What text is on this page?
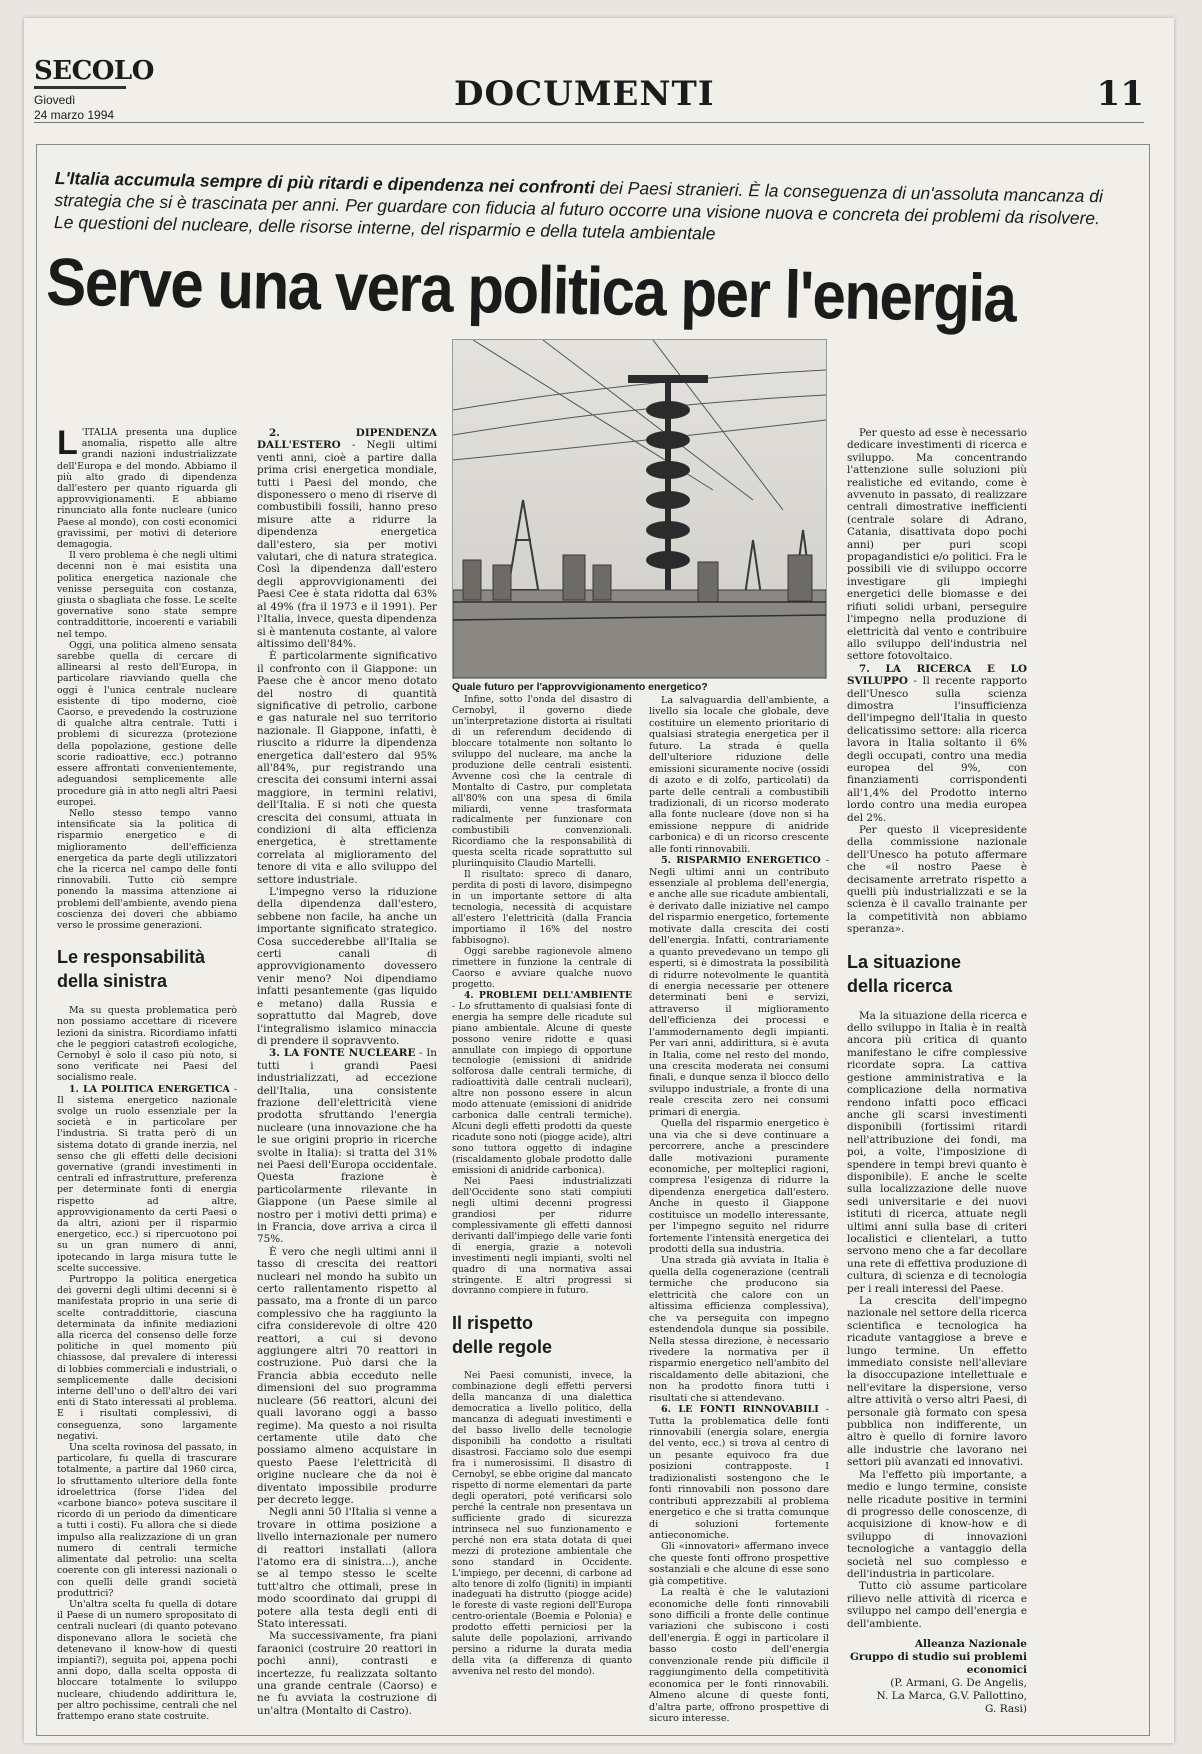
SECOLO
Giovedì
24 marzo 1994
DOCUMENTI	11
L'Italia accumula sempre di più ritardi e dipendenza nei confronti dei Paesi stranieri. È la conseguenza di un'assoluta mancanza di strategia che si è trascinata per anni. Per guardare con fiducia al futuro occorre una visione nuova e concreta dei problemi da risolvere. Le questioni del nucleare, delle risorse interne, del risparmio e della tutela ambientale
Serve una vera politica per l'energia
Quale futuro per l'approvvigionamento energetico?

L 'ITALIA presenta una duplice anomalia, rispetto alle altre grandi nazioni industrializzate dell'Europa e del mondo. Abbiamo il più alto grado di dipendenza dall'estero per quanto riguarda gli approvvigionamenti. E abbiamo rinunciato alla fonte nucleare (unico Paese al mondo), con costi economici gravissimi, per motivi di deteriore demagogia.

Il vero problema è che negli ultimi decenni non è mai esistita una politica energetica nazionale che venisse perseguita con costanza, giusta o sbagliata che fosse. Le scelte governative sono state sempre contraddittorie, incoerenti e variabili nel tempo.

Oggi, una politica almeno sensata sarebbe quella di cercare di allinearsi al resto dell'Europa, in particolare riavviando quella che oggi è l'unica centrale nucleare esistente di tipo moderno, cioè Caorso, e prevedendo la costruzione di qualche altra centrale. Tutti i problemi di sicurezza (protezione della popolazione, gestione delle scorie radioattive, ecc.) potranno essere affrontati convenientemente, adeguandosi semplicemente alle procedure già in atto negli altri Paesi europei.

Nello stesso tempo vanno intensificate sia la politica di risparmio energetico e di miglioramento dell'efficienza energetica da parte degli utilizzatori che la ricerca nel campo delle fonti rinnovabili. Tutto ciò sempre ponendo la massima attenzione ai problemi dell'ambiente, avendo piena coscienza dei doveri che abbiamo verso le prossime generazioni.

Le responsabilità
della sinistra

Ma su questa problematica però non possiamo accettare di ricevere lezioni da sinistra. Ricordiamo infatti che le peggiori catastrofi ecologiche, Cernobyl è solo il caso più noto, si sono verificate nei Paesi del socialismo reale.

1. LA POLITICA ENERGETICA - Il sistema energetico nazionale svolge un ruolo essenziale per la società e in particolare per l'industria. Si tratta però di un sistema dotato di grande inerzia, nel senso che gli effetti delle decisioni governative (grandi investimenti in centrali ed infrastrutture, preferenza per determinate fonti di energia rispetto ad altre, approvvigionamento da certi Paesi o da altri, azioni per il risparmio energetico, ecc.) si ripercuotono poi su un gran numero di anni, ipotecando in larga misura tutte le scelte successive.

Purtroppo la politica energetica dei governi degli ultimi decenni si è manifestata proprio in una serie di scelte contraddittorie, ciascuna determinata da infinite mediazioni alla ricerca del consenso delle forze politiche in quel momento più chiassose, dal prevalere di interessi di lobbies commerciali e industriali, o semplicemente dalle decisioni interne dell'uno o dell'altro dei vari enti di Stato interessati al problema. E i risultati complessivi, di conseguenza, sono largamente negativi.

Una scelta rovinosa del passato, in particolare, fu quella di trascurare totalmente, a partire dal 1960 circa, lo sfruttamento ulteriore della fonte idroelettrica (forse l'idea del «carbone bianco» poteva suscitare il ricordo di un periodo da dimenticare a tutti i costi). Fu allora che si diede impulso alla realizzazione di un gran numero di centrali termiche alimentate dal petrolio: una scelta coerente con gli interessi nazionali o con quelli delle grandi società produttrici?

Un'altra scelta fu quella di dotare il Paese di un numero spropositato di centrali nucleari (di quanto potevano disponevano allora le società che detenevano il know-how di questi impianti?), seguita poi, appena pochi anni dopo, dalla scelta opposta di bloccare totalmente lo sviluppo nucleare, chiudendo addirittura le, per altro pochissime, centrali che nel frattempo erano state costruite.

2. DIPENDENZA DALL'ESTERO - Negli ultimi venti anni, cioè a partire dalla prima crisi energetica mondiale, tutti i Paesi del mondo, che disponessero o meno di riserve di combustibili fossili, hanno preso misure atte a ridurre la dipendenza energetica dall'estero, sia per motivi valutari, che di natura strategica. Così la dipendenza dall'estero degli approvvigionamenti dei Paesi Cee è stata ridotta dal 63% al 49% (fra il 1973 e il 1991). Per l'Italia, invece, questa dipendenza si è mantenuta costante, al valore altissimo dell'84%.

È particolarmente significativo il confronto con il Giappone: un Paese che è ancor meno dotato del nostro di quantità significative di petrolio, carbone e gas naturale nel suo territorio nazionale. Il Giappone, infatti, è riuscito a ridurre la dipendenza energetica dall'estero dal 95% all'84%, pur registrando una crescita dei consumi interni assai maggiore, in termini relativi, dell'Italia. E si noti che questa crescita dei consumi, attuata in condizioni di alta efficienza energetica, è strettamente correlata al miglioramento del tenore di vita e allo sviluppo del settore industriale.

L'impegno verso la riduzione della dipendenza dall'estero, sebbene non facile, ha anche un importante significato strategico. Cosa succederebbe all'Italia se certi canali di approvvigionamento dovessero venir meno? Noi dipendiamo infatti pesantemente (gas liquido e metano) dalla Russia e soprattutto dal Magreb, dove l'integralismo islamico minaccia di prendere il sopravvento.

3. LA FONTE NUCLEARE - In tutti i grandi Paesi industrializzati, ad eccezione dell'Italia, una consistente frazione dell'elettricità viene prodotta sfruttando l'energia nucleare (una innovazione che ha le sue origini proprio in ricerche svolte in Italia): si tratta del 31% nei Paesi dell'Europa occidentale. Questa frazione è particolarmente rilevante in Giappone (un Paese simile al nostro per i motivi detti prima) e in Francia, dove arriva a circa il 75%.

È vero che negli ultimi anni il tasso di crescita dei reattori nucleari nel mondo ha subìto un certo rallentamento rispetto al passato, ma a fronte di un parco complessivo che ha raggiunto la cifra considerevole di oltre 420 reattori, a cui si devono aggiungere altri 70 reattori in costruzione. Può darsi che la Francia abbia ecceduto nelle dimensioni del suo programma nucleare (56 reattori, alcuni dei quali lavorano oggi a basso regime). Ma questo a noi risulta certamente utile dato che possiamo almeno acquistare in questo Paese l'elettricità di origine nucleare che da noi è diventato impossibile produrre per decreto legge.

Negli anni 50 l'Italia si venne a trovare in ottima posizione a livello internazionale per numero di reattori installati (allora l'atomo era di sinistra...), anche se al tempo stesso le scelte tutt'altro che ottimali, prese in modo scoordinato dai gruppi di potere alla testa degli enti di Stato interessati.

Ma successivamente, fra piani faraonici (costruire 20 reattori in pochi anni), contrasti e incertezze, fu realizzata soltanto una grande centrale (Caorso) e ne fu avviata la costruzione di un'altra (Montalto di Castro).

Infine, sotto l'onda del disastro di Cernobyl, il governo diede un'interpretazione distorta ai risultati di un referendum decidendo di bloccare totalmente non soltanto lo sviluppo del nucleare, ma anche la produzione delle centrali esistenti. Avvenne così che la centrale di Montalto di Castro, pur completata all'80% con una spesa di 6mila miliardi, venne trasformata radicalmente per funzionare con combustibili convenzionali. Ricordiamo che la responsabilità di questa scelta ricade soprattutto sul pluriinquisito Claudio Martelli.

Il risultato: spreco di danaro, perdita di posti di lavoro, disimpegno in un importante settore di alta tecnologia, necessità di acquistare all'estero l'elettricità (dalla Francia importiamo il 16% del nostro fabbisogno).

Oggi sarebbe ragionevole almeno rimettere in funzione la centrale di Caorso e avviare qualche nuovo progetto.

4. PROBLEMI DELL'AMBIENTE - Lo sfruttamento di qualsiasi fonte di energia ha sempre delle ricadute sul piano ambientale. Alcune di queste possono venire ridotte e quasi annullate con impiego di opportune tecnologie (emissioni di anidride solforosa dalle centrali termiche, di radioattività dalle centrali nucleari), altre non possono essere in alcun modo attenuate (emissioni di anidride carbonica dalle centrali termiche). Alcuni degli effetti prodotti da queste ricadute sono noti (piogge acide), altri sono tuttora oggetto di indagine (riscaldamento globale prodotto dalle emissioni di anidride carbonica).

Nei Paesi industrializzati dell'Occidente sono stati compiuti negli ultimi decenni progressi grandiosi per ridurre complessivamente gli effetti dannosi derivanti dall'impiego delle varie fonti di energia, grazie a notevoli investimenti negli impianti, svolti nel quadro di una normativa assai stringente. E altri progressi si dovranno compiere in futuro.

Il rispetto
delle regole

Nei Paesi comunisti, invece, la combinazione degli effetti perversi della mancanza di una dialettica democratica a livello politico, della mancanza di adeguati investimenti e del basso livello delle tecnologie disponibili ha condotto a risultati disastrosi. Facciamo solo due esempi fra i numerosissimi. Il disastro di Cernobyl, se ebbe origine dal mancato rispetto di norme elementari da parte degli operatori, poté verificarsi solo perché la centrale non presentava un sufficiente grado di sicurezza intrinseca nel suo funzionamento e perché non era stata dotata di quei mezzi di protezione ambientale che sono standard in Occidente. L'impiego, per decenni, di carbone ad alto tenore di zolfo (ligniti) in impianti inadeguati ha distrutto (piogge acide) le foreste di vaste regioni dell'Europa centro-orientale (Boemia e Polonia) e prodotto effetti perniciosi per la salute delle popolazioni, arrivando persino a ridurne la durata media della vita (a differenza di quanto avveniva nel resto del mondo).

La salvaguardia dell'ambiente, a livello sia locale che globale, deve costituire un elemento prioritario di qualsiasi strategia energetica per il futuro. La strada è quella dell'ulteriore riduzione delle emissioni sicuramente nocive (ossidi di azoto e di zolfo, particolati) da parte delle centrali a combustibili tradizionali, di un ricorso moderato alla fonte nucleare (dove non si ha emissione neppure di anidride carbonica) e di un ricorso crescente alle fonti rinnovabili.

5. RISPARMIO ENERGETICO - Negli ultimi anni un contributo essenziale al problema dell'energia, e anche alle sue ricadute ambientali, è derivato dalle iniziative nel campo del risparmio energetico, fortemente motivate dalla crescita dei costi dell'energia. Infatti, contrariamente a quanto prevedevano un tempo gli esperti, si è dimostrata la possibilità di ridurre notevolmente le quantità di energia necessarie per ottenere determinati beni e servizi, attraverso il miglioramento dell'efficienza dei processi e l'ammodernamento degli impianti. Per vari anni, addirittura, si è avuta in Italia, come nel resto del mondo, una crescita moderata nei consumi finali, e dunque senza il blocco dello sviluppo industriale, a fronte di una reale crescita zero nei consumi primari di energia.

Quella del risparmio energetico è una via che si deve continuare a percorrere, anche a prescindere dalle motivazioni puramente economiche, per molteplici ragioni, compresa l'esigenza di ridurre la dipendenza energetica dall'estero. Anche in questo il Giappone costituisce un modello interessante, per l'impegno seguito nel ridurre fortemente l'intensità energetica dei prodotti della sua industria.

Una strada già avviata in Italia è quella della cogenerazione (centrali termiche che producono sia elettricità che calore con un altissima efficienza complessiva), che va perseguita con impegno estendendola dunque sia possibile. Nella stessa direzione, è necessario rivedere la normativa per il risparmio energetico nell'ambito del riscaldamento delle abitazioni, che non ha prodotto finora tutti i risultati che si attendevano.

6. LE FONTI RINNOVABILI - Tutta la problematica delle fonti rinnovabili (energia solare, energia del vento, ecc.) si trova al centro di un pesante equivoco fra due posizioni contrapposte. I tradizionalisti sostengono che le fonti rinnovabili non possono dare contributi apprezzabili al problema energetico e che si tratta comunque di soluzioni fortemente antieconomiche.

Gli «innovatori» affermano invece che queste fonti offrono prospettive sostanziali e che alcune di esse sono già competitive.

La realtà è che le valutazioni economiche delle fonti rinnovabili sono difficili a fronte delle continue variazioni che subiscono i costi dell'energia. È oggi in particolare il basso costo dell'energia convenzionale rende più difficile il raggiungimento della competitività economica per le fonti rinnovabili. Almeno alcune di queste fonti, d'altra parte, offrono prospettive di sicuro interesse.

Per questo ad esse è necessario dedicare investimenti di ricerca e sviluppo. Ma concentrando l'attenzione sulle soluzioni più realistiche ed evitando, come è avvenuto in passato, di realizzare centrali dimostrative inefficienti (centrale solare di Adrano, Catania, disattivata dopo pochi anni) per puri scopi propagandistici e/o politici. Fra le possibili vie di sviluppo occorre investigare gli impieghi energetici delle biomasse e dei rifiuti solidi urbani, perseguire l'impegno nella produzione di elettricità dal vento e contribuire allo sviluppo dell'industria nel settore fotovoltaico.

7. LA RICERCA E LO SVILUPPO - Il recente rapporto dell'Unesco sulla scienza dimostra l'insufficienza dell'impegno dell'Italia in questo delicatissimo settore: alla ricerca lavora in Italia soltanto il 6% degli occupati, contro una media europea del 9%, con finanziamenti corrispondenti all'1,4% del Prodotto interno lordo contro una media europea del 2%.

Per questo il vicepresidente della commissione nazionale dell'Unesco ha potuto affermare che «il nostro Paese è decisamente arretrato rispetto a quelli più industrializzati e se la scienza è il cavallo trainante per la competitività non abbiamo speranza».

La situazione
della ricerca

Ma la situazione della ricerca e dello sviluppo in Italia è in realtà ancora più critica di quanto manifestano le cifre complessive ricordate sopra. La cattiva gestione amministrativa e la complicazione della normativa rendono infatti poco efficaci anche gli scarsi investimenti disponibili (fortissimi ritardi nell'attribuzione dei fondi, ma poi, a volte, l'imposizione di spendere in tempi brevi quanto è disponibile). E anche le scelte sulla localizzazione delle nuove sedi universitarie e dei nuovi istituti di ricerca, attuate negli ultimi anni sulla base di criteri localistici e clientelari, a tutto servono meno che a far decollare una rete di effettiva produzione di cultura, di scienza e di tecnologia per i reali interessi del Paese.

La crescita dell'impegno nazionale nel settore della ricerca scientifica e tecnologica ha ricadute vantaggiose a breve e lungo termine. Un effetto immediato consiste nell'alleviare la disoccupazione intellettuale e nell'evitare la dispersione, verso altre attività o verso altri Paesi, di personale già formato con spesa pubblica non indifferente, un altro è quello di fornire lavoro alle industrie che lavorano nei settori più avanzati ed innovativi.

Ma l'effetto più importante, a medio e lungo termine, consiste nelle ricadute positive in termini di progresso delle conoscenze, di acquisizione di know-how e di sviluppo di innovazioni tecnologiche a vantaggio della società nel suo complesso e dell'industria in particolare.

Tutto ciò assume particolare rilievo nelle attività di ricerca e sviluppo nel campo dell'energia e dell'ambiente.

Alleanza Nazionale
Gruppo di studio sui problemi economici
(P. Armani, G. De Angelis,
N. La Marca, G.V. Pallottino,
G. Rasi)
